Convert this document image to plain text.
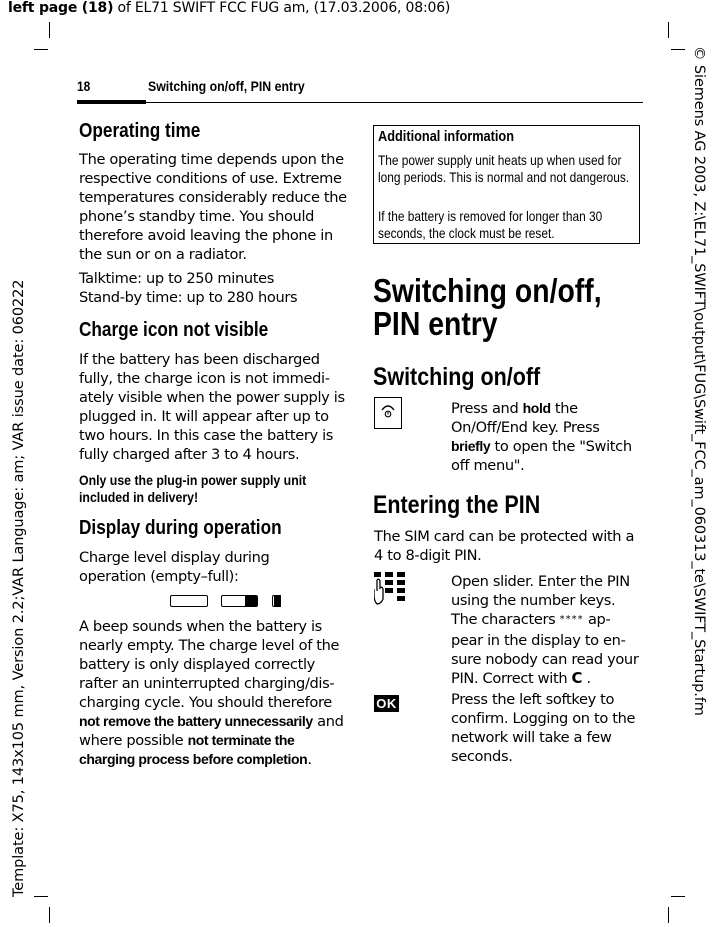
left page (18) of EL71 SWIFT FCC FUG am, (17.03.2006, 08:06)
Template: X75, 143x105 mm, Version 2.2;VAR Language: am; VAR issue date: 060222	© Siemens AG 2003, Z:\EL71_SWIFT\output\FUG\Swift_FCC_am_060313_te\SWIFT_Startup.fm
18	Switching on/off, PIN entry
Operating time

The operating time depends upon the respective conditions of use. Extreme temperatures considerably reduce the phone’s standby time. You should therefore avoid leaving the phone in the sun or on a radiator.

Talktime: up to 250 minutes

Stand-by time: up to 280 hours

Charge icon not visible

If the battery has been discharged fully, the charge icon is not immedi-ately visible when the power supply is plugged in. It will appear after up to two hours. In this case the battery is fully charged after 3 to 4 hours.

Only use the plug-in power supply unit included in delivery!

Display during operation

Charge level display during operation (empty–full):

A beep sounds when the battery is nearly empty. The charge level of the battery is only displayed correctly rafter an uninterrupted charging/dis-charging cycle. You should therefore not remove the battery unnecessarily and where possible not terminate the charging process before completion.

Additional information

The power supply unit heats up when used for long periods. This is normal and not dangerous.

If the battery is removed for longer than 30 seconds, the clock must be reset.

Switching on/off, PIN entry
Switching on/off

Press and hold the On/Off/End key. Press briefly to open the "Switch off menu".

Entering the PIN

The SIM card can be protected with a 4 to 8-digit PIN.

Open slider. Enter the PIN using the number keys. The characters **** ap-pear in the display to en-sure nobody can read your PIN. Correct with C .

OK	Press the left softkey to confirm. Logging on to the network will take a few seconds.
